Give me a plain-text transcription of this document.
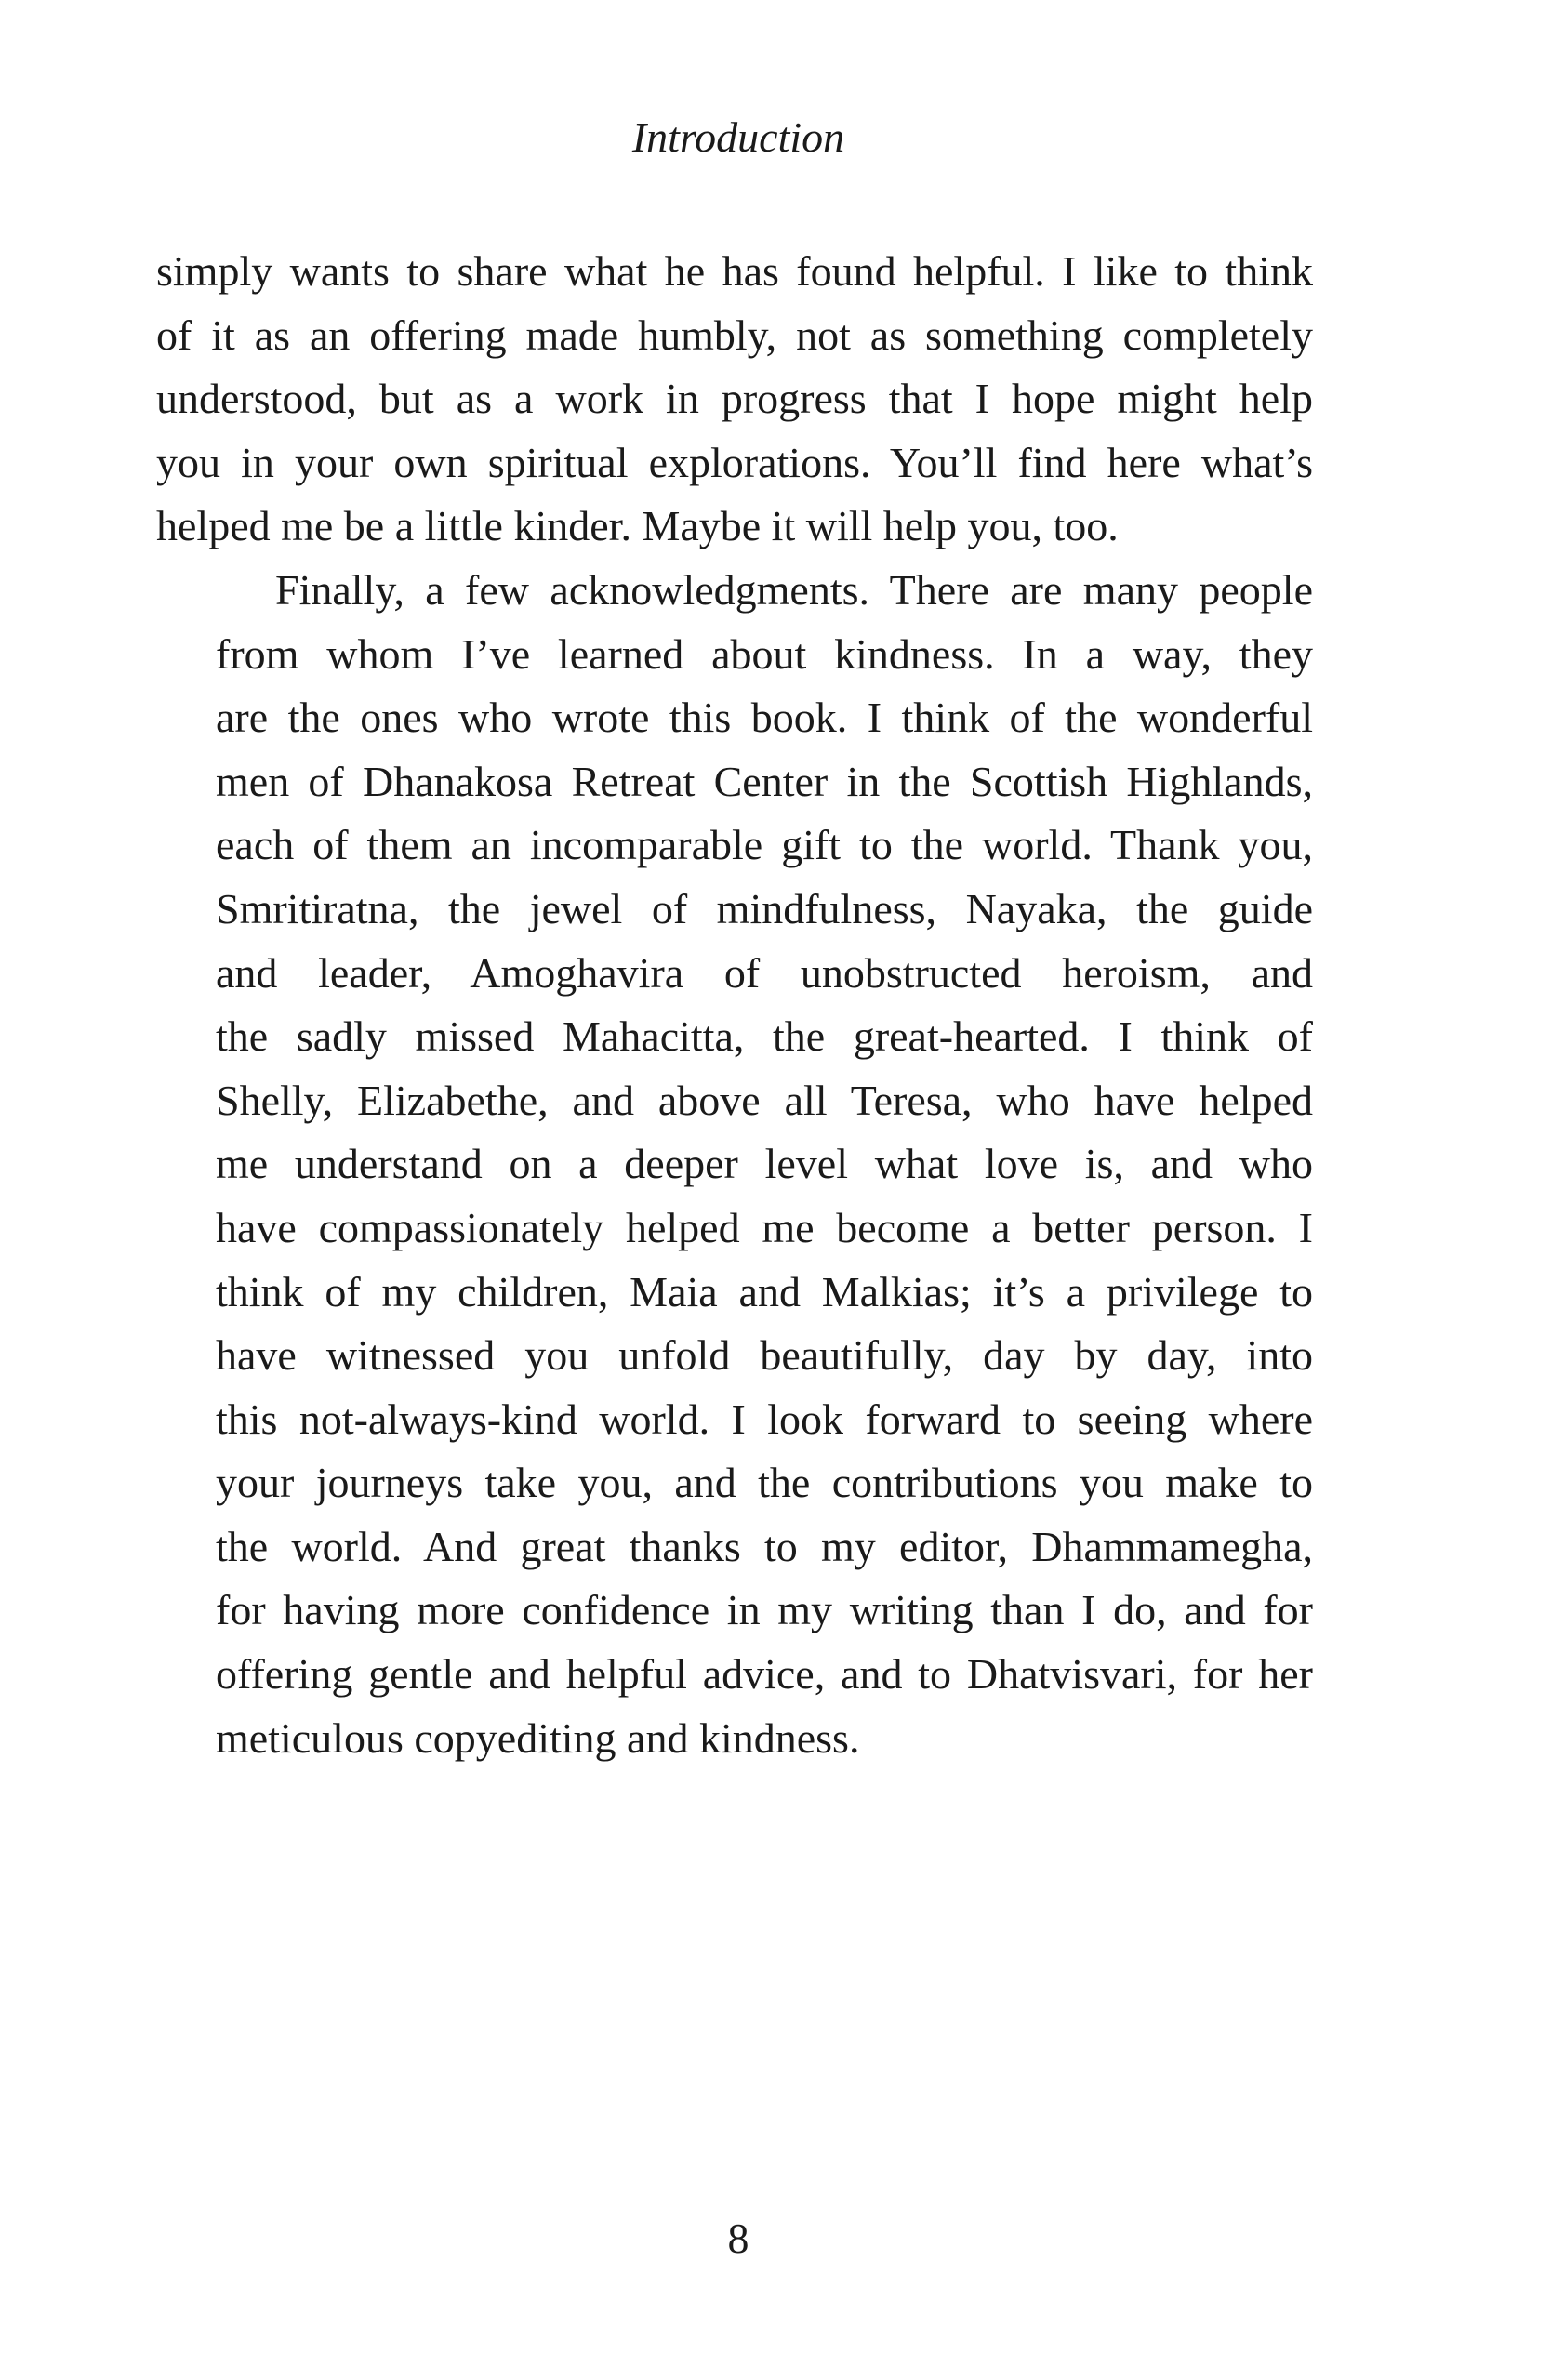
Introduction
simply wants to share what he has found helpful. I like to think
of it as an offering made humbly, not as something completely
understood, but as a work in progress that I hope might help
you in your own spiritual explorations. You’ll find here what’s
helped me be a little kinder. Maybe it will help you, too.
Finally, a few acknowledgments. There are many people
from whom I’ve learned about kindness. In a way, they
are the ones who wrote this book. I think of the wonderful
men of Dhanakosa Retreat Center in the Scottish Highlands,
each of them an incomparable gift to the world. Thank you,
Smritiratna, the jewel of mindfulness, Nayaka, the guide
and leader, Amoghavira of unobstructed heroism, and
the sadly missed Mahacitta, the great-hearted. I think of
Shelly, Elizabethe, and above all Teresa, who have helped
me understand on a deeper level what love is, and who
have compassionately helped me become a better person. I
think of my children, Maia and Malkias; it’s a privilege to
have witnessed you unfold beautifully, day by day, into
this not-always-kind world. I look forward to seeing where
your journeys take you, and the contributions you make to
the world. And great thanks to my editor, Dhammamegha,
for having more confidence in my writing than I do, and for
offering gentle and helpful advice, and to Dhatvisvari, for her
meticulous copyediting and kindness.
8
